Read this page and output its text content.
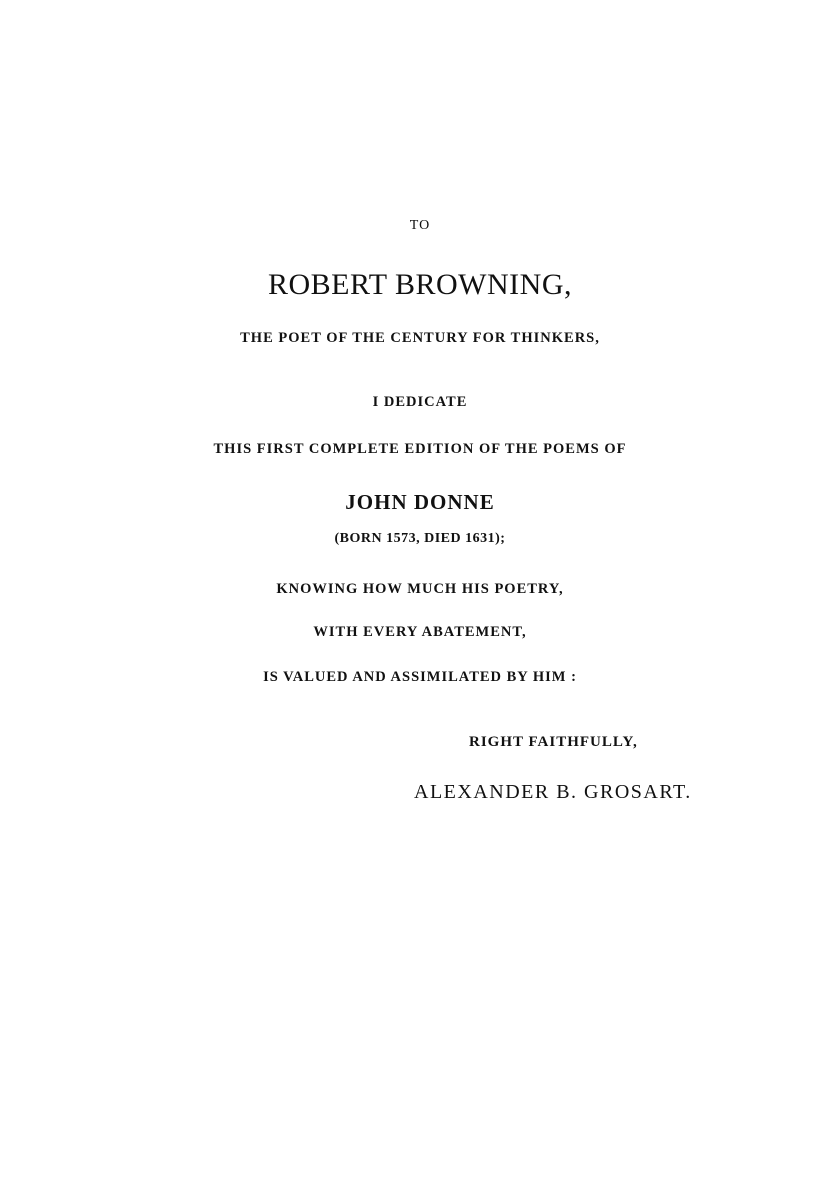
TO
ROBERT BROWNING,
THE POET OF THE CENTURY FOR THINKERS,
I DEDICATE
THIS FIRST COMPLETE EDITION OF THE POEMS OF
JOHN DONNE
(BORN 1573, DIED 1631);
KNOWING HOW MUCH HIS POETRY,
WITH EVERY ABATEMENT,
IS VALUED AND ASSIMILATED BY HIM :
RIGHT FAITHFULLY,
ALEXANDER B. GROSART.
